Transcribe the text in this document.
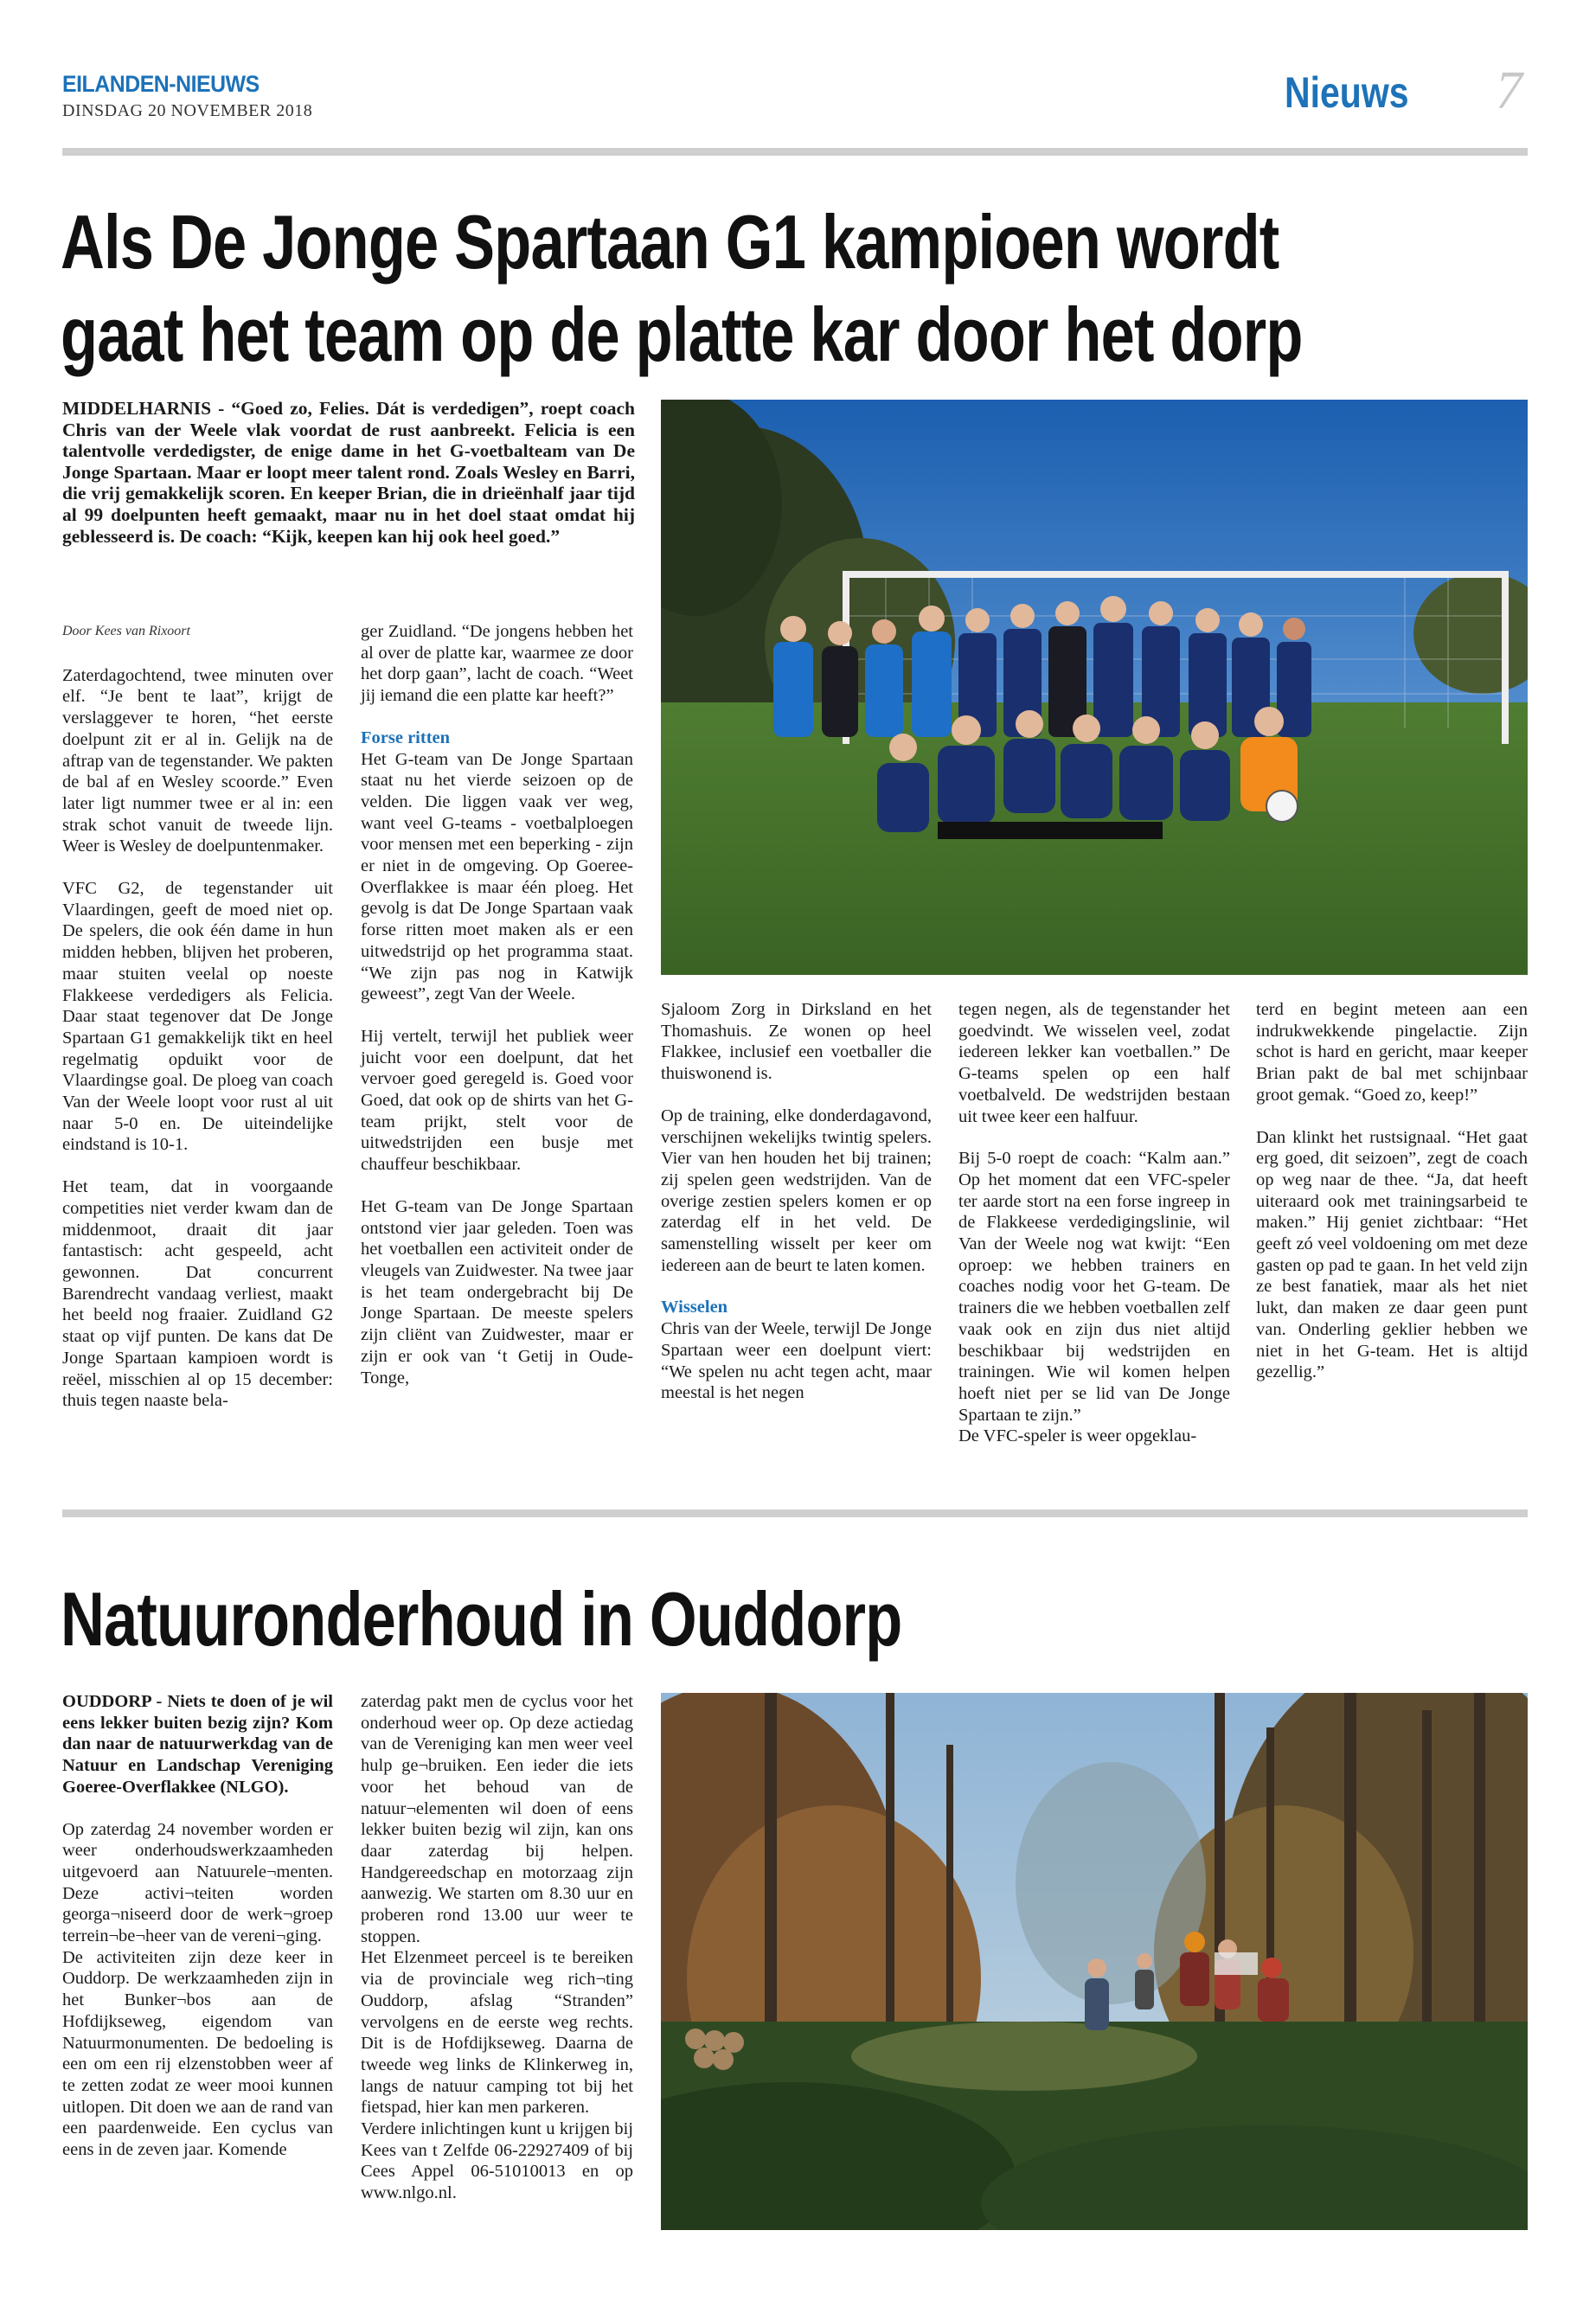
EILANDEN-NIEUWS
DINSDAG 20 NOVEMBER 2018	Nieuws 7
Als De Jonge Spartaan G1 kampioen wordt
gaat het team op de platte kar door het dorp
MIDDELHARNIS - “Goed zo, Felies. Dát is verdedigen”, roept coach Chris van der Weele vlak voordat de rust aanbreekt. Felicia is een talentvolle verdedigster, de enige dame in het G-voetbalteam van De Jonge Spartaan. Maar er loopt meer talent rond. Zoals Wesley en Barri, die vrij gemakkelijk scoren. En keeper Brian, die in drieënhalf jaar tijd al 99 doelpunten heeft gemaakt, maar nu in het doel staat omdat hij geblesseerd is. De coach: “Kijk, keepen kan hij ook heel goed.”

Door Kees van Rixoort

Zaterdagochtend, twee minuten over elf. “Je bent te laat”, krijgt de verslaggever te horen, “het eerste doelpunt zit er al in. Gelijk na de aftrap van de tegenstander. We pakten de bal af en Wesley scoorde.” Even later ligt nummer twee er al in: een strak schot vanuit de tweede lijn. Weer is Wesley de doelpuntenmaker.

VFC G2, de tegenstander uit Vlaardingen, geeft de moed niet op. De spelers, die ook één dame in hun midden hebben, blijven het proberen, maar stuiten veelal op noeste Flakkeese verdedigers als Felicia. Daar staat tegenover dat De Jonge Spartaan G1 gemakkelijk tikt en heel regelmatig opduikt voor de Vlaardingse goal. De ploeg van coach Van der Weele loopt voor rust al uit naar 5-0 en. De uiteindelijke eindstand is 10-1.

Het team, dat in voorgaande competities niet verder kwam dan de middenmoot, draait dit jaar fantastisch: acht gespeeld, acht gewonnen. Dat concurrent Barendrecht vandaag verliest, maakt het beeld nog fraaier. Zuidland G2 staat op vijf punten. De kans dat De Jonge Spartaan kampioen wordt is reëel, misschien al op 15 december: thuis tegen naaste bela-

ger Zuidland. “De jongens hebben het al over de platte kar, waarmee ze door het dorp gaan”, lacht de coach. “Weet jij iemand die een platte kar heeft?”

Forse ritten

Het G-team van De Jonge Spartaan staat nu het vierde seizoen op de velden. Die liggen vaak ver weg, want veel G-teams - voetbalploegen voor mensen met een beperking - zijn er niet in de omgeving. Op Goeree-Overflakkee is maar één ploeg. Het gevolg is dat De Jonge Spartaan vaak forse ritten moet maken als er een uitwedstrijd op het programma staat. “We zijn pas nog in Katwijk geweest”, zegt Van der Weele.

Hij vertelt, terwijl het publiek weer juicht voor een doelpunt, dat het vervoer goed geregeld is. Goed voor Goed, dat ook op de shirts van het G-team prijkt, stelt voor de uitwedstrijden een busje met chauffeur beschikbaar.

Het G-team van De Jonge Spartaan ontstond vier jaar geleden. Toen was het voetballen een activiteit onder de vleugels van Zuidwester. Na twee jaar is het team ondergebracht bij De Jonge Spartaan. De meeste spelers zijn cliënt van Zuidwester, maar er zijn er ook van ‘t Getij in Oude-Tonge,

Sjaloom Zorg in Dirksland en het Thomashuis. Ze wonen op heel Flakkee, inclusief een voetballer die thuiswonend is.

Op de training, elke donderdagavond, verschijnen wekelijks twintig spelers. Vier van hen houden het bij trainen; zij spelen geen wedstrijden. Van de overige zestien spelers komen er op zaterdag elf in het veld. De samenstelling wisselt per keer om iedereen aan de beurt te laten komen.

Wisselen

Chris van der Weele, terwijl De Jonge Spartaan weer een doelpunt viert: “We spelen nu acht tegen acht, maar meestal is het negen

tegen negen, als de tegenstander het goedvindt. We wisselen veel, zodat iedereen lekker kan voetballen.” De G-teams spelen op een half voetbalveld. De wedstrijden bestaan uit twee keer een halfuur.

Bij 5-0 roept de coach: “Kalm aan.” Op het moment dat een VFC-speler ter aarde stort na een forse ingreep in de Flakkeese verdedigingslinie, wil Van der Weele nog wat kwijt: “Een oproep: we hebben trainers en coaches nodig voor het G-team. De trainers die we hebben voetballen zelf vaak ook en zijn dus niet altijd beschikbaar bij wedstrijden en trainingen. Wie wil komen helpen hoeft niet per se lid van De Jonge Spartaan te zijn.”

De VFC-speler is weer opgeklau-

terd en begint meteen aan een indrukwekkende pingelactie. Zijn schot is hard en gericht, maar keeper Brian pakt de bal met schijnbaar groot gemak. “Goed zo, keep!”

Dan klinkt het rustsignaal. “Het gaat erg goed, dit seizoen”, zegt de coach op weg naar de thee. “Ja, dat heeft uiteraard ook met trainingsarbeid te maken.” Hij geniet zichtbaar: “Het geeft zó veel voldoening om met deze gasten op pad te gaan. In het veld zijn ze best fanatiek, maar als het niet lukt, dan maken ze daar geen punt van. Onderling geklier hebben we niet in het G-team. Het is altijd gezellig.”

Natuuronderhoud in Ouddorp

OUDDORP - Niets te doen of je wil eens lekker buiten bezig zijn? Kom dan naar de natuurwerkdag van de Natuur en Landschap Vereniging Goeree-Overflakkee (NLGO).

Op zaterdag 24 november worden er weer onderhoudswerkzaamheden uitgevoerd aan Natuurele¬menten. Deze activi¬teiten worden georga¬niseerd door de werk¬groep terrein¬be¬heer van de vereni¬ging.

De activiteiten zijn deze keer in Ouddorp. De werkzaamheden zijn in het Bunker¬bos aan de Hofdijkseweg, eigendom van Natuurmonumenten. De bedoeling is een om een rij elzenstobben weer af te zetten zodat ze weer mooi kunnen uitlopen. Dit doen we aan de rand van een paardenweide. Een cyclus van eens in de zeven jaar. Komende

zaterdag pakt men de cyclus voor het onderhoud weer op. Op deze actiedag van de Vereniging kan men weer veel hulp ge¬bruiken. Een ieder die iets voor het behoud van de natuur¬elementen wil doen of eens lekker buiten bezig wil zijn, kan ons daar zaterdag bij helpen. Handgereedschap en motorzaag zijn aanwezig. We starten om 8.30 uur en proberen rond 13.00 uur weer te stoppen.

Het Elzenmeet perceel is te bereiken via de provinciale weg rich¬ting Ouddorp, afslag “Stranden” vervolgens en de eerste weg rechts. Dit is de Hofdijkseweg. Daarna de tweede weg links de Klinkerweg in, langs de natuur camping tot bij het fietspad, hier kan men parkeren.

Verdere inlichtingen kunt u krijgen bij Kees van t Zelfde 06-22927409 of bij Cees Appel 06-51010013 en op www.nlgo.nl.
